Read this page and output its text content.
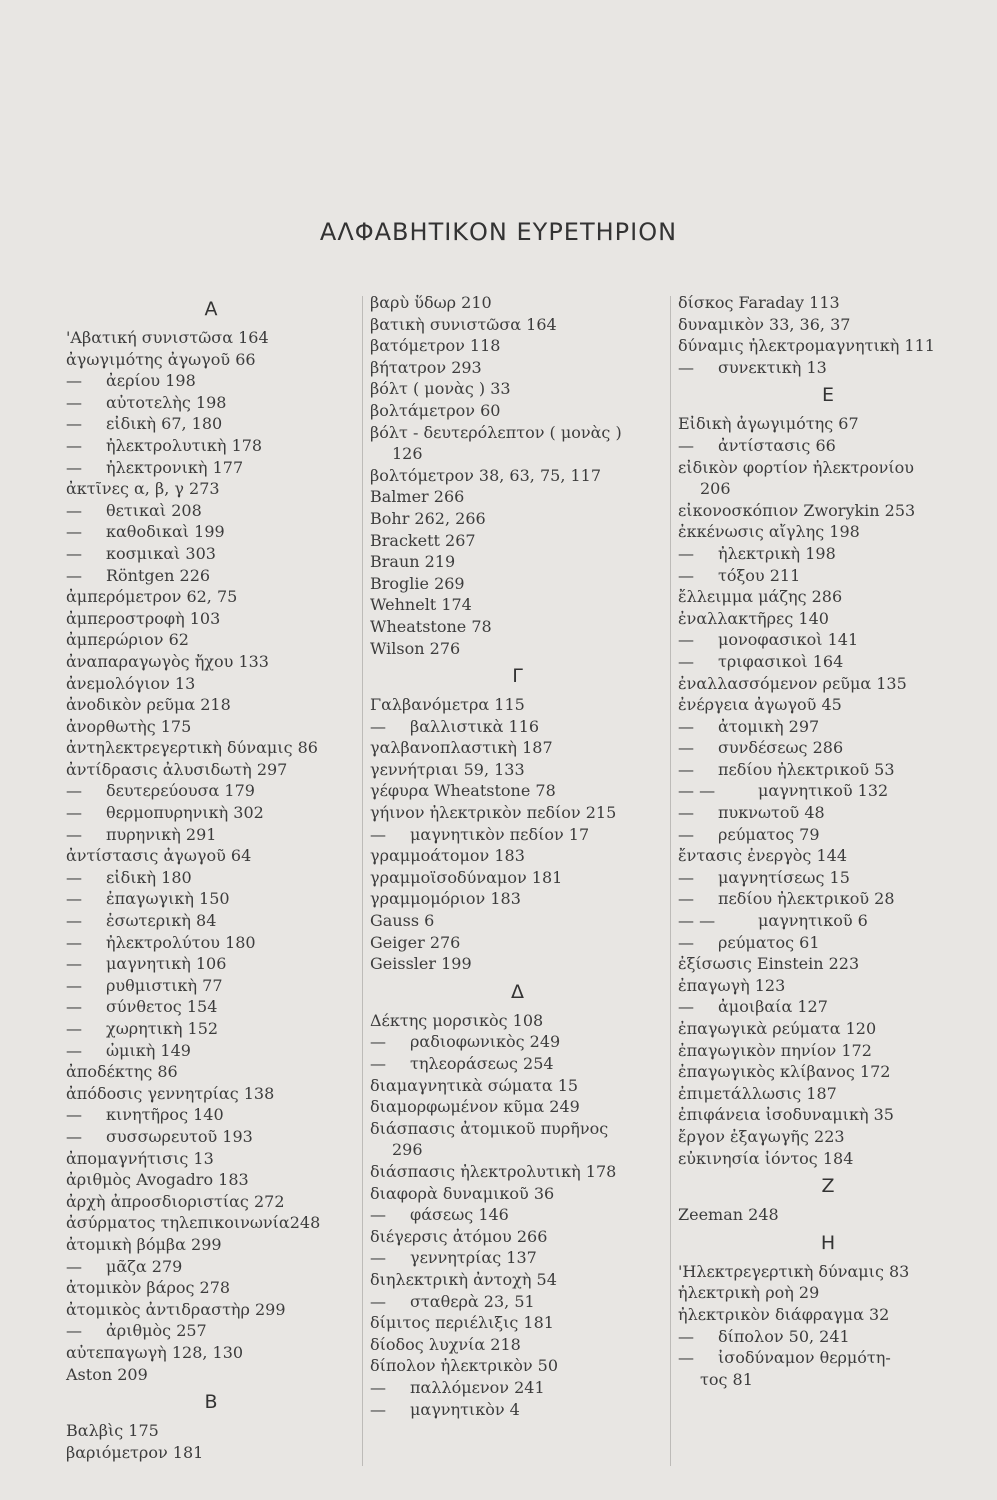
ΑΛΦΑΒΗΤΙΚΟΝ ΕΥΡΕΤΗΡΙΟΝ
Α
'Αβατική συνιστῶσα 164
ἀγωγιμότης ἀγωγοῦ 66
— ἀερίου 198
— αὐτοτελὴς 198
— εἰδικὴ 67, 180
— ἠλεκτρολυτικὴ 178
— ἠλεκτρονικὴ 177
ἀκτῖνες α, β, γ 273
— θετικαὶ 208
— καθοδικαὶ 199
— κοσμικαὶ 303
— Röntgen 226
ἀμπερόμετρον 62, 75
ἀμπεροστροφὴ 103
ἀμπερώριον 62
ἀναπαραγωγὸς ἤχου 133
ἀνεμολόγιον 13
ἀνοδικὸν ρεῦμα 218
ἀνορθωτὴς 175
ἀντηλεκτρεγερτικὴ δύναμις 86
ἀντίδρασις ἀλυσιδωτὴ 297
— δευτερεύουσα 179
— θερμοπυρηνικὴ 302
— πυρηνικὴ 291
ἀντίστασις ἀγωγοῦ 64
— εἰδικὴ 180
— ἐπαγωγικὴ 150
— ἐσωτερικὴ 84
— ἠλεκτρολύτου 180
— μαγνητικὴ 106
— ρυθμιστικὴ 77
— σύνθετος 154
— χωρητικὴ 152
— ὠμικὴ 149
ἀποδέκτης 86
ἀπόδοσις γεννητρίας 138
— κινητῆρος 140
— συσσωρευτοῦ 193
ἀπομαγνήτισις 13
ἀριθμὸς Avogadro 183
ἀρχὴ ἀπροσδιοριστίας 272
ἀσύρματος τηλεπικοινωνία248
ἀτομικὴ βόμβα 299
— μᾶζα 279
ἀτομικὸν βάρος 278
ἀτομικὸς ἀντιδραστὴρ 299
— ἀριθμὸς 257
αὐτεπαγωγὴ 128, 130
Aston 209
Β
Βαλβὶς 175
βαριόμετρον 181
βαρὺ ὕδωρ 210
βατικὴ συνιστῶσα 164
βατόμετρον 118
βήτατρον 293
βόλτ ( μονὰς ) 33
βολτάμετρον 60
βόλτ - δευτερόλεπτον ( μονὰς )
126
βολτόμετρον 38, 63, 75, 117
Balmer 266
Bohr 262, 266
Brackett 267
Braun 219
Broglie 269
Wehnelt 174
Wheatstone 78
Wilson 276
Γ
Γαλβανόμετρα 115
— βαλλιστικὰ 116
γαλβανοπλαστικὴ 187
γεννήτριαι 59, 133
γέφυρα Wheatstone 78
γήινον ἠλεκτρικὸν πεδίον 215
— μαγνητικὸν πεδίον 17
γραμμοάτομον 183
γραμμοϊσοδύναμον 181
γραμμομόριον 183
Gauss 6
Geiger 276
Geissler 199
Δ
Δέκτης μορσικὸς 108
— ραδιοφωνικὸς 249
— τηλεοράσεως 254
διαμαγνητικὰ σώματα 15
διαμορφωμένον κῦμα 249
διάσπασις ἀτομικοῦ πυρῆνος
296
διάσπασις ἠλεκτρολυτικὴ 178
διαφορὰ δυναμικοῦ 36
— φάσεως 146
διέγερσις ἀτόμου 266
— γεννητρίας 137
διηλεκτρικὴ ἀντοχὴ 54
— σταθερὰ 23, 51
δίμιτος περιέλιξις 181
δίοδος λυχνία 218
δίπολον ἠλεκτρικὸν 50
— παλλόμενον 241
— μαγνητικὸν 4
δίσκος Faraday 113
δυναμικὸν 33, 36, 37
δύναμις ἠλεκτρομαγνητικὴ 111
— συνεκτικὴ 13
Ε
Εἰδικὴ ἀγωγιμότης 67
— ἀντίστασις 66
εἰδικὸν φορτίον ἠλεκτρονίου
206
εἰκονοσκόπιον Zworykin 253
ἐκκένωσις αἴγλης 198
— ἠλεκτρικὴ 198
— τόξου 211
ἔλλειμμα μάζης 286
ἐναλλακτῆρες 140
— μονοφασικοὶ 141
— τριφασικοὶ 164
ἐναλλασσόμενον ρεῦμα 135
ἐνέργεια ἀγωγοῦ 45
— ἀτομικὴ 297
— συνδέσεως 286
— πεδίου ἠλεκτρικοῦ 53
— —	μαγνητικοῦ 132
— πυκνωτοῦ 48
— ρεύματος 79
ἔντασις ἐνεργὸς 144
— μαγνητίσεως 15
— πεδίου ἠλεκτρικοῦ 28
— —	μαγνητικοῦ 6
— ρεύματος 61
ἐξίσωσις Einstein 223
ἐπαγωγὴ 123
— ἀμοιβαία 127
ἐπαγωγικὰ ρεύματα 120
ἐπαγωγικὸν πηνίον 172
ἐπαγωγικὸς κλίβανος 172
ἐπιμετάλλωσις 187
ἐπιφάνεια ἰσοδυναμικὴ 35
ἔργον ἐξαγωγῆς 223
εὐκινησία ἰόντος 184
Ζ
Zeeman 248
Η
'Ηλεκτρεγερτικὴ δύναμις 83
ἠλεκτρικὴ ροὴ 29
ἠλεκτρικὸν διάφραγμα 32
— δίπολον 50, 241
— ἰσοδύναμον θερμότη-
τος 81
